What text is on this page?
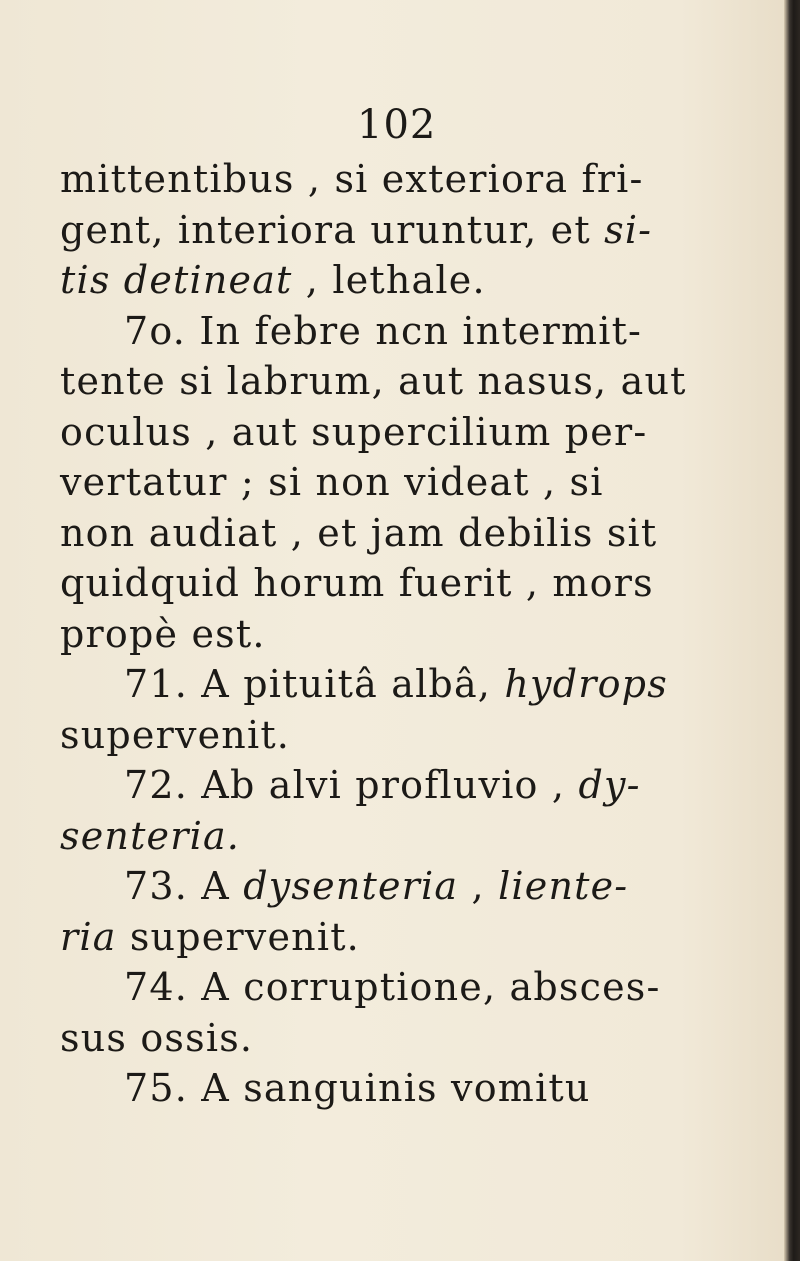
102
mittentibus , si exteriora fri-
gent, interiora uruntur, et si-
tis detineat , lethale.
7o. In febre ncn intermit-
tente si labrum, aut nasus, aut
oculus , aut supercilium per-
vertatur ; si non videat , si
non audiat , et jam debilis sit
quidquid horum fuerit , mors
propè est.
71. A pituitâ albâ, hydrops
supervenit.
72. Ab alvi profluvio , dy-
senteria.
73. A dysenteria , liente-
ria supervenit.
74. A corruptione, absces-
sus ossis.
75. A sanguinis vomitu
